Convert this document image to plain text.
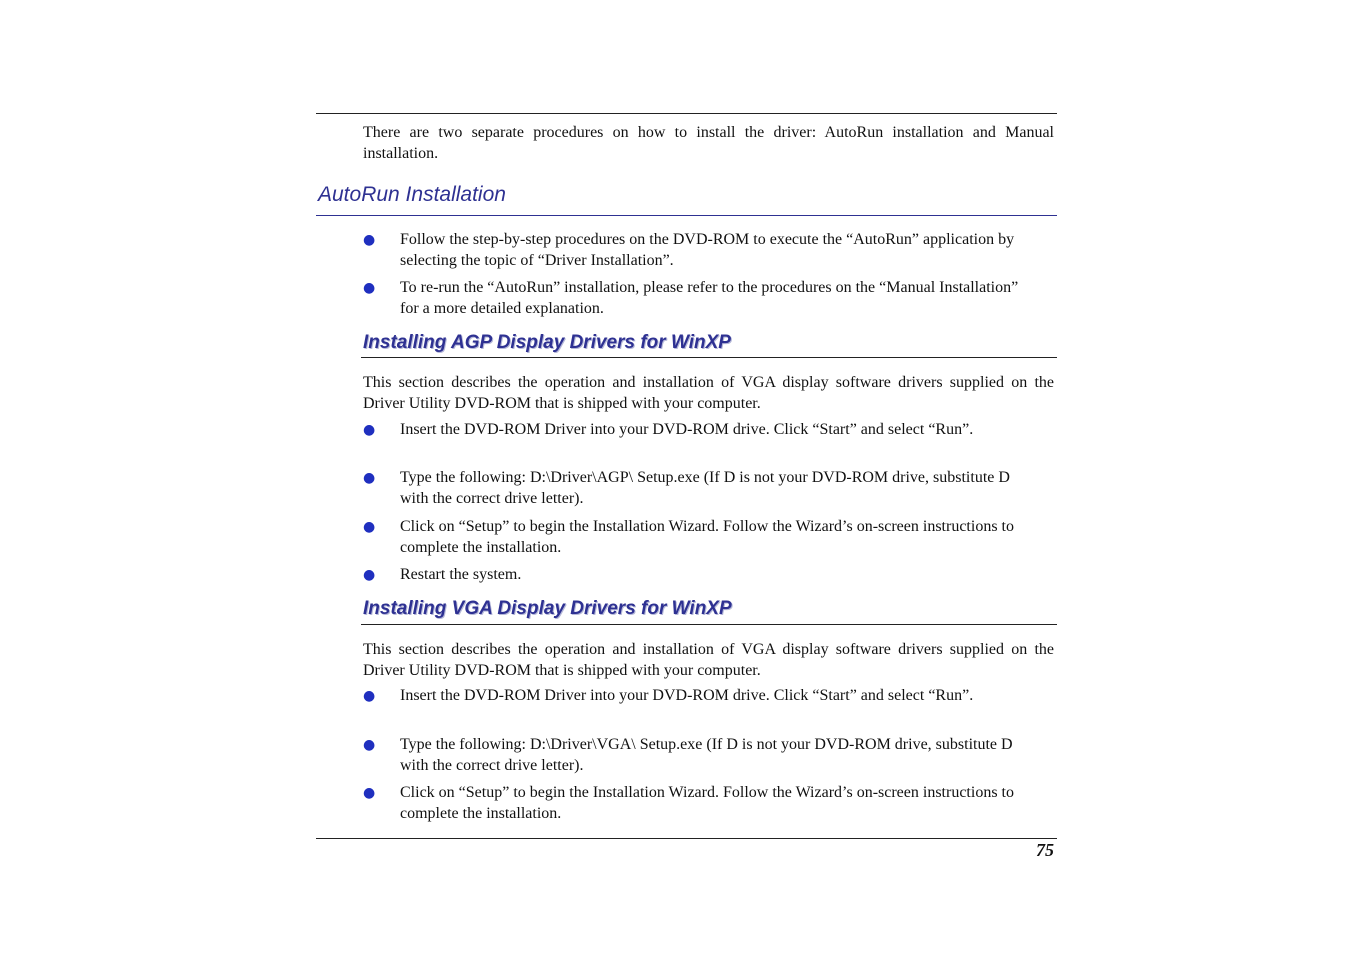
There are two separate procedures on how to install the driver: AutoRun installation and Manual installation.

AutoRun Installation
● Follow the step-by-step procedures on the DVD-ROM to execute the “AutoRun” application by selecting the topic of “Driver Installation”.
● To re-run the “AutoRun” installation, please refer to the procedures on the “Manual Installation” for a more detailed explanation.
Installing AGP Display Drivers for WinXP

This section describes the operation and installation of VGA display software drivers supplied on the Driver Utility DVD-ROM that is shipped with your computer.

● Insert the DVD-ROM Driver into your DVD-ROM drive. Click “Start” and select “Run”.
● Type the following: D:\Driver\AGP\ Setup.exe (If D is not your DVD-ROM drive, substitute D with the correct drive letter).
● Click on “Setup” to begin the Installation Wizard. Follow the Wizard’s on-screen instructions to complete the installation.
● Restart the system.
Installing VGA Display Drivers for WinXP

This section describes the operation and installation of VGA display software drivers supplied on the Driver Utility DVD-ROM that is shipped with your computer.

● Insert the DVD-ROM Driver into your DVD-ROM drive. Click “Start” and select “Run”.
● Type the following: D:\Driver\VGA\ Setup.exe (If D is not your DVD-ROM drive, substitute D with the correct drive letter).
● Click on “Setup” to begin the Installation Wizard. Follow the Wizard’s on-screen instructions to complete the installation.
75
